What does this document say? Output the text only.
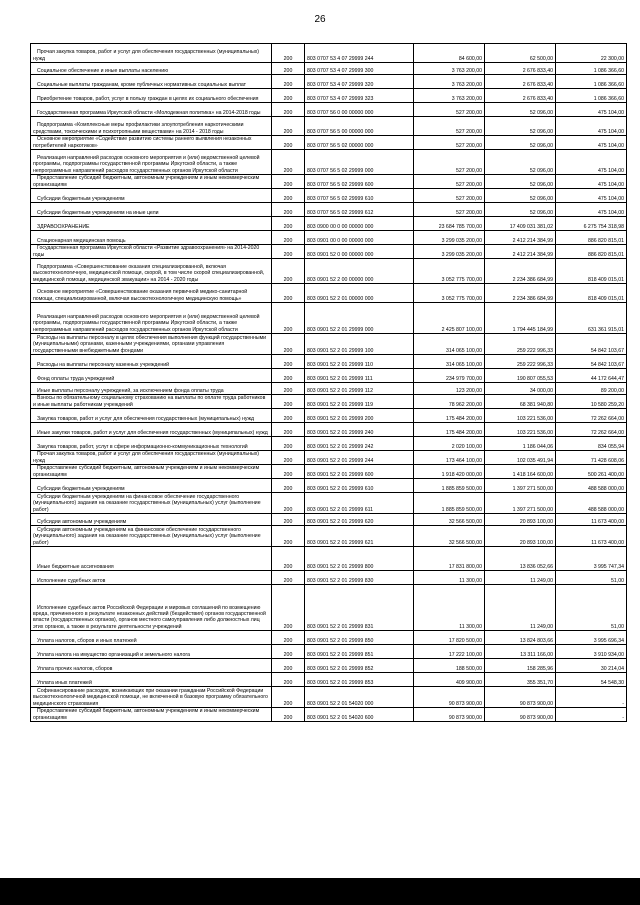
26
Прочая закупка товаров, работ и услуг для обеспечения государственных (муниципальных) нужд	200	803 0707 53 4 07 29999 244	84 600,00	62 500,00	22 300,00
Социальное обеспечение и иные выплаты населению	200	803 0707 53 4 07 29999 300	3 763 200,00	2 676 833,40	1 086 366,60
Социальные выплаты гражданам, кроме публичных нормативных социальных выплат	200	803 0707 53 4 07 29999 320	3 763 200,00	2 676 833,40	1 086 366,60
Приобретение товаров, работ, услуг в пользу граждан в целях их социального обеспечения	200	803 0707 53 4 07 29999 323	3 763 200,00	2 676 833,40	1 086 366,60
Государственная программа Иркутской области «Молодежная политика» на 2014-2018 годы	200	803 0707 56 0 00 00000 000	527 200,00	52 096,00	475 104,00
Подпрограмма «Комплексные меры профилактики злоупотребления наркотическими средствами, токсическими и психотропными веществами» на 2014 - 2018 годы	200	803 0707 56 5 00 00000 000	527 200,00	52 096,00	475 104,00
Основное мероприятие «Содействие развитию системы раннего выявления незаконных потребителей наркотиков»	200	803 0707 56 5 02 00000 000	527 200,00	52 096,00	475 104,00
Реализация направлений расходов основного мероприятия и (или) ведомственной целевой программы, подпрограммы государственной программы Иркутской области, а также непрограммных направлений расходов государственных органов Иркутской области	200	803 0707 56 5 02 29999 000	527 200,00	52 096,00	475 104,00
Предоставление субсидий бюджетным, автономным учреждениям и иным некоммерческим организациям	200	803 0707 56 5 02 29999 600	527 200,00	52 096,00	475 104,00
Субсидии бюджетным учреждениям	200	803 0707 56 5 02 29999 610	527 200,00	52 096,00	475 104,00
Субсидии бюджетным учреждениям на иные цели	200	803 0707 56 5 02 29999 612	527 200,00	52 096,00	475 104,00
ЗДРАВООХРАНЕНИЕ	200	803 0900 00 0 00 00000 000	23 684 785 700,00	17 409 031 381,02	6 275 754 318,98
Стационарная медицинская помощь	200	803 0901 00 0 00 00000 000	3 299 035 200,00	2 412 214 384,99	886 820 815,01
Государственная программа Иркутской области «Развитие здравоохранения» на 2014-2020 годы	200	803 0901 52 0 00 00000 000	3 299 035 200,00	2 412 214 384,99	886 820 815,01
Подпрограмма «Совершенствование оказания специализированной, включая высокотехнологичную, медицинской помощи, скорой, в том числе скорой специализированной, медицинской помощи, медицинской эвакуации» на 2014 - 2020 годы	200	803 0901 52 2 00 00000 000	3 052 775 700,00	2 234 386 684,99	818 409 015,01
Основное мероприятие «Совершенствование оказания первичной медико-санитарной помощи, специализированной, включая высокотехнологичную медицинскую помощь»	200	803 0901 52 2 01 00000 000	3 052 775 700,00	2 234 386 684,99	818 409 015,01
Реализация направлений расходов основного мероприятия и (или) ведомственной целевой программы, подпрограммы государственной программы Иркутской области, а также непрограммных направлений расходов государственных органов Иркутской области	200	803 0901 52 2 01 29999 000	2 425 807 100,00	1 794 445 184,99	631 361 915,01
Расходы на выплаты персоналу в целях обеспечения выполнения функций государственными (муниципальными) органами, казенными учреждениями, органами управления государственными внебюджетными фондами	200	803 0901 52 2 01 29999 100	314 065 100,00	259 222 996,33	54 842 103,67
Расходы на выплаты персоналу казенных учреждений	200	803 0901 52 2 01 29999 110	314 065 100,00	259 222 996,33	54 842 103,67
Фонд оплаты труда учреждений	200	803 0901 52 2 01 29999 111	234 979 700,00	190 807 055,53	44 172 644,47
Иные выплаты персоналу учреждений, за исключением фонда оплаты труда	200	803 0901 52 2 01 29999 112	123 200,00	34 000,00	89 200,00
Взносы по обязательному социальному страхованию на выплаты по оплате труда работников и иные выплаты работникам учреждений	200	803 0901 52 2 01 29999 119	78 962 200,00	68 381 940,80	10 580 259,20
Закупка товаров, работ и услуг для обеспечения государственных (муниципальных) нужд	200	803 0901 52 2 01 29999 200	175 484 200,00	103 221 536,00	72 262 664,00
Иные закупки товаров, работ и услуг для обеспечения государственных (муниципальных) нужд	200	803 0901 52 2 01 29999 240	175 484 200,00	103 221 536,00	72 262 664,00
Закупка товаров, работ, услуг в сфере информационно-коммуникационных технологий	200	803 0901 52 2 01 29999 242	2 020 100,00	1 186 044,06	834 055,94
Прочая закупка товаров, работ и услуг для обеспечения государственных (муниципальных) нужд	200	803 0901 52 2 01 29999 244	173 464 100,00	102 035 491,94	71 428 608,06
Предоставление субсидий бюджетным, автономным учреждениям и иным некоммерческим организациям	200	803 0901 52 2 01 29999 600	1 918 420 000,00	1 418 164 600,00	500 261 400,00
Субсидии бюджетным учреждениям	200	803 0901 52 2 01 29999 610	1 885 859 500,00	1 397 271 500,00	488 588 000,00
Субсидии бюджетным учреждениям на финансовое обеспечение государственного (муниципального) задания на оказание государственных (муниципальных) услуг (выполнение работ)	200	803 0901 52 2 01 29999 611	1 885 859 500,00	1 397 271 500,00	488 588 000,00
Субсидии автономным учреждениям	200	803 0901 52 2 01 29999 620	32 566 500,00	20 893 100,00	11 673 400,00
Субсидии автономным учреждениям на финансовое обеспечение государственного (муниципального) задания на оказание государственных (муниципальных) услуг (выполнение работ)	200	803 0901 52 2 01 29999 621	32 566 500,00	20 893 100,00	11 673 400,00
Иные бюджетные ассигнования	200	803 0901 52 2 01 29999 800	17 831 800,00	13 836 052,66	3 995 747,34
Исполнение судебных актов	200	803 0901 52 2 01 29999 830	11 300,00	11 249,00	51,00
Исполнение судебных актов Российской Федерации и мировых соглашений по возмещению вреда, причиненного в результате незаконных действий (бездействия) органов государственной власти (государственных органов), органов местного самоуправления либо должностных лиц этих органов, а также в результате деятельности учреждений	200	803 0901 52 2 01 29999 831	11 300,00	11 249,00	51,00
Уплата налогов, сборов и иных платежей	200	803 0901 52 2 01 29999 850	17 820 500,00	13 824 803,66	3 995 696,34
Уплата налога на имущество организаций и земельного налога	200	803 0901 52 2 01 29999 851	17 222 100,00	13 311 166,00	3 910 934,00
Уплата прочих налогов, сборов	200	803 0901 52 2 01 29999 852	188 500,00	158 285,96	30 214,04
Уплата иных платежей	200	803 0901 52 2 01 29999 853	409 900,00	355 351,70	54 548,30
Софинансирование расходов, возникающих при оказании гражданам Российской Федерации высокотехнологичной медицинской помощи, не включенной в базовую программу обязательного медицинского страхования	200	803 0901 52 2 01 54020 000	90 873 900,00	90 873 900,00	-
Предоставление субсидий бюджетным, автономным учреждениям и иным некоммерческим организациям	200	803 0901 52 2 01 54020 600	90 873 900,00	90 873 900,00	-
